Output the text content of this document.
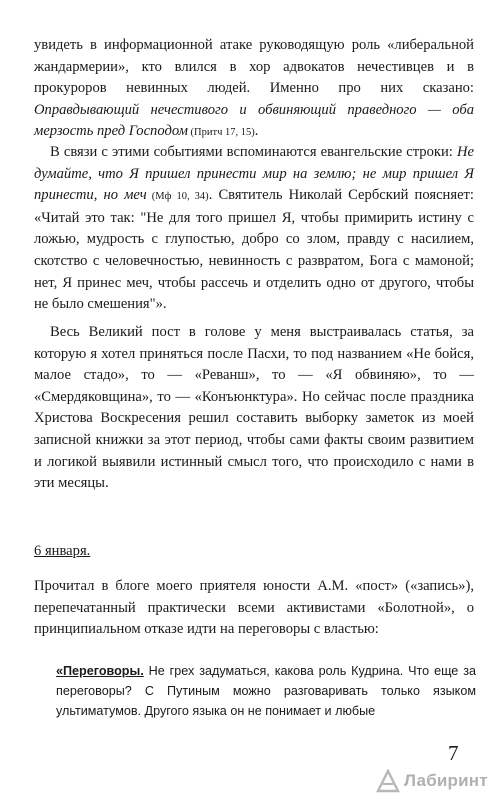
увидеть в информационной атаке руководящую роль «либеральной жандармерии», кто влился в хор адвокатов нечестивцев и в прокуроров невинных людей. Именно про них сказано: Оправдывающий нечестивого и обвиняющий праведного — оба мерзость пред Господом (Притч 17, 15).

В связи с этими событиями вспоминаются евангельские строки: Не думайте, что Я пришел принести мир на землю; не мир пришел Я принести, но меч (Мф 10, 34). Святитель Николай Сербский поясняет: «Читай это так: "Не для того пришел Я, чтобы примирить истину с ложью, мудрость с глупостью, добро со злом, правду с насилием, скотство с человечностью, невинность с развратом, Бога с мамоной; нет, Я принес меч, чтобы рассечь и отделить одно от другого, чтобы не было смешения"».

Весь Великий пост в голове у меня выстраивалась статья, за которую я хотел приняться после Пасхи, то под названием «Не бойся, малое стадо», то — «Реванш», то — «Я обвиняю», то — «Смердяковщина», то — «Конъюнктура». Но сейчас после праздника Христова Воскресения решил составить выборку заметок из моей записной книжки за этот период, чтобы сами факты своим развитием и логикой выявили истинный смысл того, что происходило с нами в эти месяцы.

6 января.

Прочитал в блоге моего приятеля юности А.М. «пост» («запись»), перепечатанный практически всеми активистами «Болотной», о принципиальном отказе идти на переговоры с властью:

«Переговоры. Не грех задуматься, какова роль Кудрина. Что еще за переговоры? С Путиным можно разговаривать только языком ультиматумов. Другого языка он не понимает и любые

7
Лабиринт
